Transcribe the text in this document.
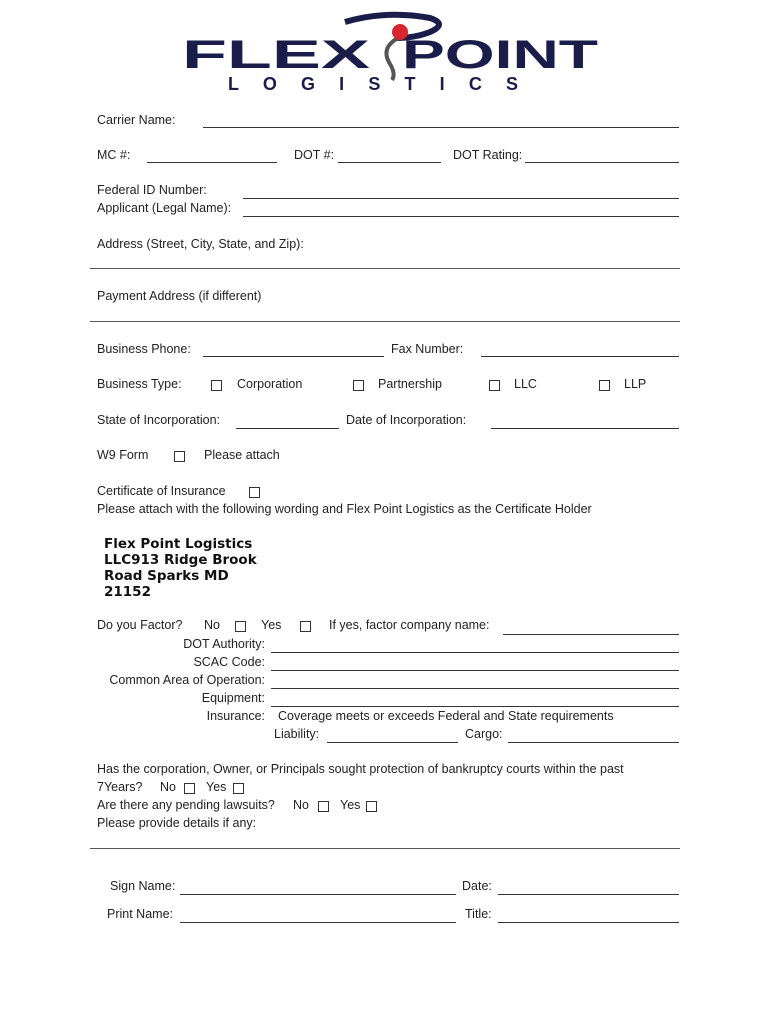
FLEX POINT
L O G I S T I C S
Carrier Name:
MC #:	DOT #:	DOT Rating:
Federal ID Number:
Applicant (Legal Name):
Address (Street, City, State, and Zip):
Payment Address (if different)
Business Phone:	Fax Number:
Business Type:	Corporation	Partnership	LLC	LLP
State of Incorporation:	Date of Incorporation:
W9 Form	Please attach
Certificate of Insurance
Please attach with the following wording and Flex Point Logistics as the Certificate Holder
Flex Point Logistics
LLC913 Ridge Brook
Road Sparks MD
21152
Do you Factor? No	Yes	If yes, factor company name:
DOT Authority:
SCAC Code:
Common Area of Operation:
Equipment:
Insurance: Coverage meets or exceeds Federal and State requirements
Liability:	Cargo:
Has the corporation, Owner, or Principals sought protection of bankruptcy courts within the past
7Years? No Yes
Are there any pending lawsuits? No Yes
Please provide details if any:
Sign Name:	Date:
Print Name:	Title:
